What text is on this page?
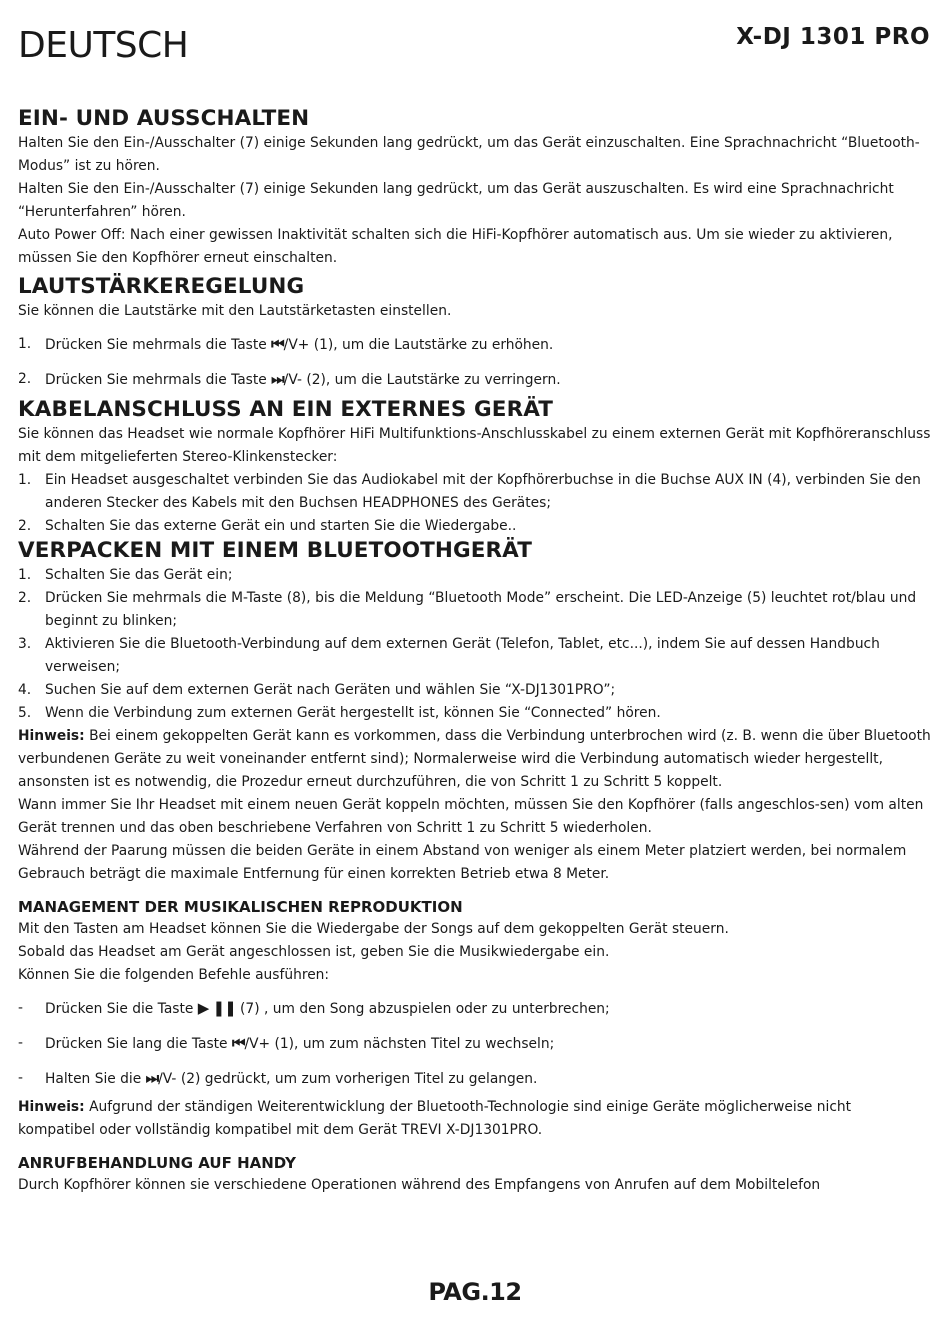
DEUTSCH	X-DJ 1301 PRO
EIN- UND AUSSCHALTEN

Halten Sie den Ein-/Ausschalter (7) einige Sekunden lang gedrückt, um das Gerät einzuschalten. Eine Sprachnachricht “Bluetooth-Modus” ist zu hören.

Halten Sie den Ein-/Ausschalter (7) einige Sekunden lang gedrückt, um das Gerät auszuschalten. Es wird eine Sprachnachricht “Herunterfahren” hören.

Auto Power Off: Nach einer gewissen Inaktivität schalten sich die HiFi-Kopfhörer automatisch aus. Um sie wieder zu aktivieren, müssen Sie den Kopfhörer erneut einschalten.

LAUTSTÄRKEREGELUNG

Sie können die Lautstärke mit den Lautstärketasten einstellen.

1. Drücken Sie mehrmals die Taste ⏮/V+ (1), um die Lautstärke zu erhöhen.
2. Drücken Sie mehrmals die Taste ⏭/V- (2), um die Lautstärke zu verringern.
KABELANSCHLUSS AN EIN EXTERNES GERÄT

Sie können das Headset wie normale Kopfhörer HiFi Multifunktions-Anschlusskabel zu einem externen Gerät mit Kopfhöreranschluss mit dem mitgelieferten Stereo-Klinkenstecker:

1. Ein Headset ausgeschaltet verbinden Sie das Audiokabel mit der Kopfhörerbuchse in die Buchse AUX IN (4), verbinden Sie den anderen Stecker des Kabels mit den Buchsen HEADPHONES des Gerätes;
2. Schalten Sie das externe Gerät ein und starten Sie die Wiedergabe..
VERPACKEN MIT EINEM BLUETOOTHGERÄT
1. Schalten Sie das Gerät ein;
2. Drücken Sie mehrmals die M-Taste (8), bis die Meldung “Bluetooth Mode” erscheint. Die LED-Anzeige (5) leuchtet rot/blau und beginnt zu blinken;
3. Aktivieren Sie die Bluetooth-Verbindung auf dem externen Gerät (Telefon, Tablet, etc...), indem Sie auf dessen Handbuch verweisen;
4. Suchen Sie auf dem externen Gerät nach Geräten und wählen Sie “X-DJ1301PRO”;
5. Wenn die Verbindung zum externen Gerät hergestellt ist, können Sie “Connected” hören.

Hinweis: Bei einem gekoppelten Gerät kann es vorkommen, dass die Verbindung unterbrochen wird (z. B. wenn die über Bluetooth verbundenen Geräte zu weit voneinander entfernt sind); Normalerweise wird die Verbindung automatisch wieder hergestellt, ansonsten ist es notwendig, die Prozedur erneut durchzuführen, die von Schritt 1 zu Schritt 5 koppelt.

Wann immer Sie Ihr Headset mit einem neuen Gerät koppeln möchten, müssen Sie den Kopfhörer (falls angeschlos-sen) vom alten Gerät trennen und das oben beschriebene Verfahren von Schritt 1 zu Schritt 5 wiederholen.

Während der Paarung müssen die beiden Geräte in einem Abstand von weniger als einem Meter platziert werden, bei normalem Gebrauch beträgt die maximale Entfernung für einen korrekten Betrieb etwa 8 Meter.

MANAGEMENT DER MUSIKALISCHEN REPRODUKTION

Mit den Tasten am Headset können Sie die Wiedergabe der Songs auf dem gekoppelten Gerät steuern.

Sobald das Headset am Gerät angeschlossen ist, geben Sie die Musikwiedergabe ein.

Können Sie die folgenden Befehle ausführen:

- Drücken Sie die Taste ▶ ❚❚ (7) , um den Song abzuspielen oder zu unterbrechen;
- Drücken Sie lang die Taste ⏮/V+ (1), um zum nächsten Titel zu wechseln;
- Halten Sie die ⏭/V- (2) gedrückt, um zum vorherigen Titel zu gelangen.

Hinweis: Aufgrund der ständigen Weiterentwicklung der Bluetooth-Technologie sind einige Geräte möglicherweise nicht kompatibel oder vollständig kompatibel mit dem Gerät TREVI X-DJ1301PRO.

ANRUFBEHANDLUNG AUF HANDY

Durch Kopfhörer können sie verschiedene Operationen während des Empfangens von Anrufen auf dem Mobiltelefon

PAG.12
